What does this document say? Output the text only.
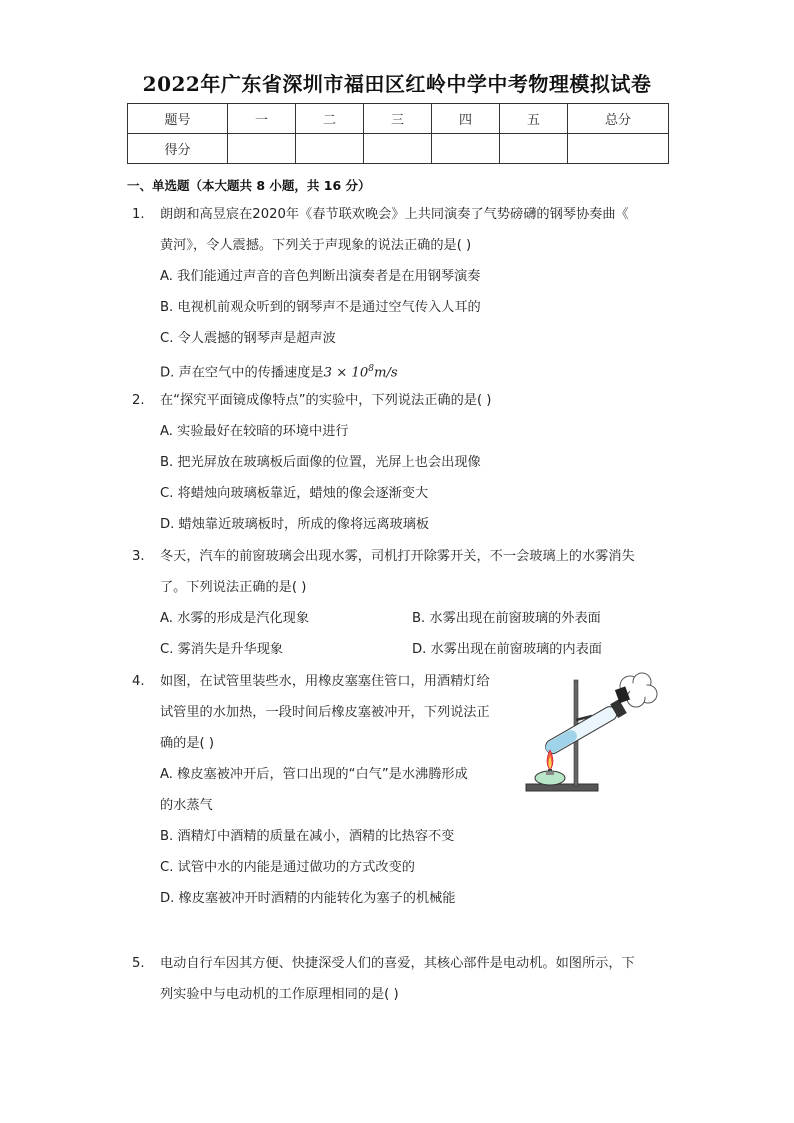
2022年广东省深圳市福田区红岭中学中考物理模拟试卷
题号	一	二	三	四	五	总分
得分						
一、单选题（本大题共 8 小题，共 16 分）
1. 朗朗和高昱宸在2020年《春节联欢晚会》上共同演奏了气势磅礴的钢琴协奏曲《
黄河》，令人震撼。下列关于声现象的说法正确的是( )
A. 我们能通过声音的音色判断出演奏者是在用钢琴演奏
B. 电视机前观众听到的钢琴声不是通过空气传入人耳的
C. 令人震撼的钢琴声是超声波
D. 声在空气中的传播速度是$3 \times 10^8m/s$
2. 在“探究平面镜成像特点”的实验中，下列说法正确的是( )
A. 实验最好在较暗的环境中进行
B. 把光屏放在玻璃板后面像的位置，光屏上也会出现像
C. 将蜡烛向玻璃板靠近，蜡烛的像会逐渐变大
D. 蜡烛靠近玻璃板时，所成的像将远离玻璃板
3. 冬天，汽车的前窗玻璃会出现水雾，司机打开除雾开关，不一会玻璃上的水雾消失
了。下列说法正确的是( )
A. 水雾的形成是汽化现象	B. 水雾出现在前窗玻璃的外表面
C. 雾消失是升华现象	D. 水雾出现在前窗玻璃的内表面
4. 如图，在试管里装些水，用橡皮塞塞住管口，用酒精灯给
试管里的水加热，一段时间后橡皮塞被冲开，下列说法正
确的是( )
A. 橡皮塞被冲开后，管口出现的“白气”是水沸腾形成
的水蒸气
B. 酒精灯中酒精的质量在减小，酒精的比热容不变
C. 试管中水的内能是通过做功的方式改变的
D. 橡皮塞被冲开时酒精的内能转化为塞子的机械能
5. 电动自行车因其方便、快捷深受人们的喜爱，其核心部件是电动机。如图所示，下
列实验中与电动机的工作原理相同的是( )
